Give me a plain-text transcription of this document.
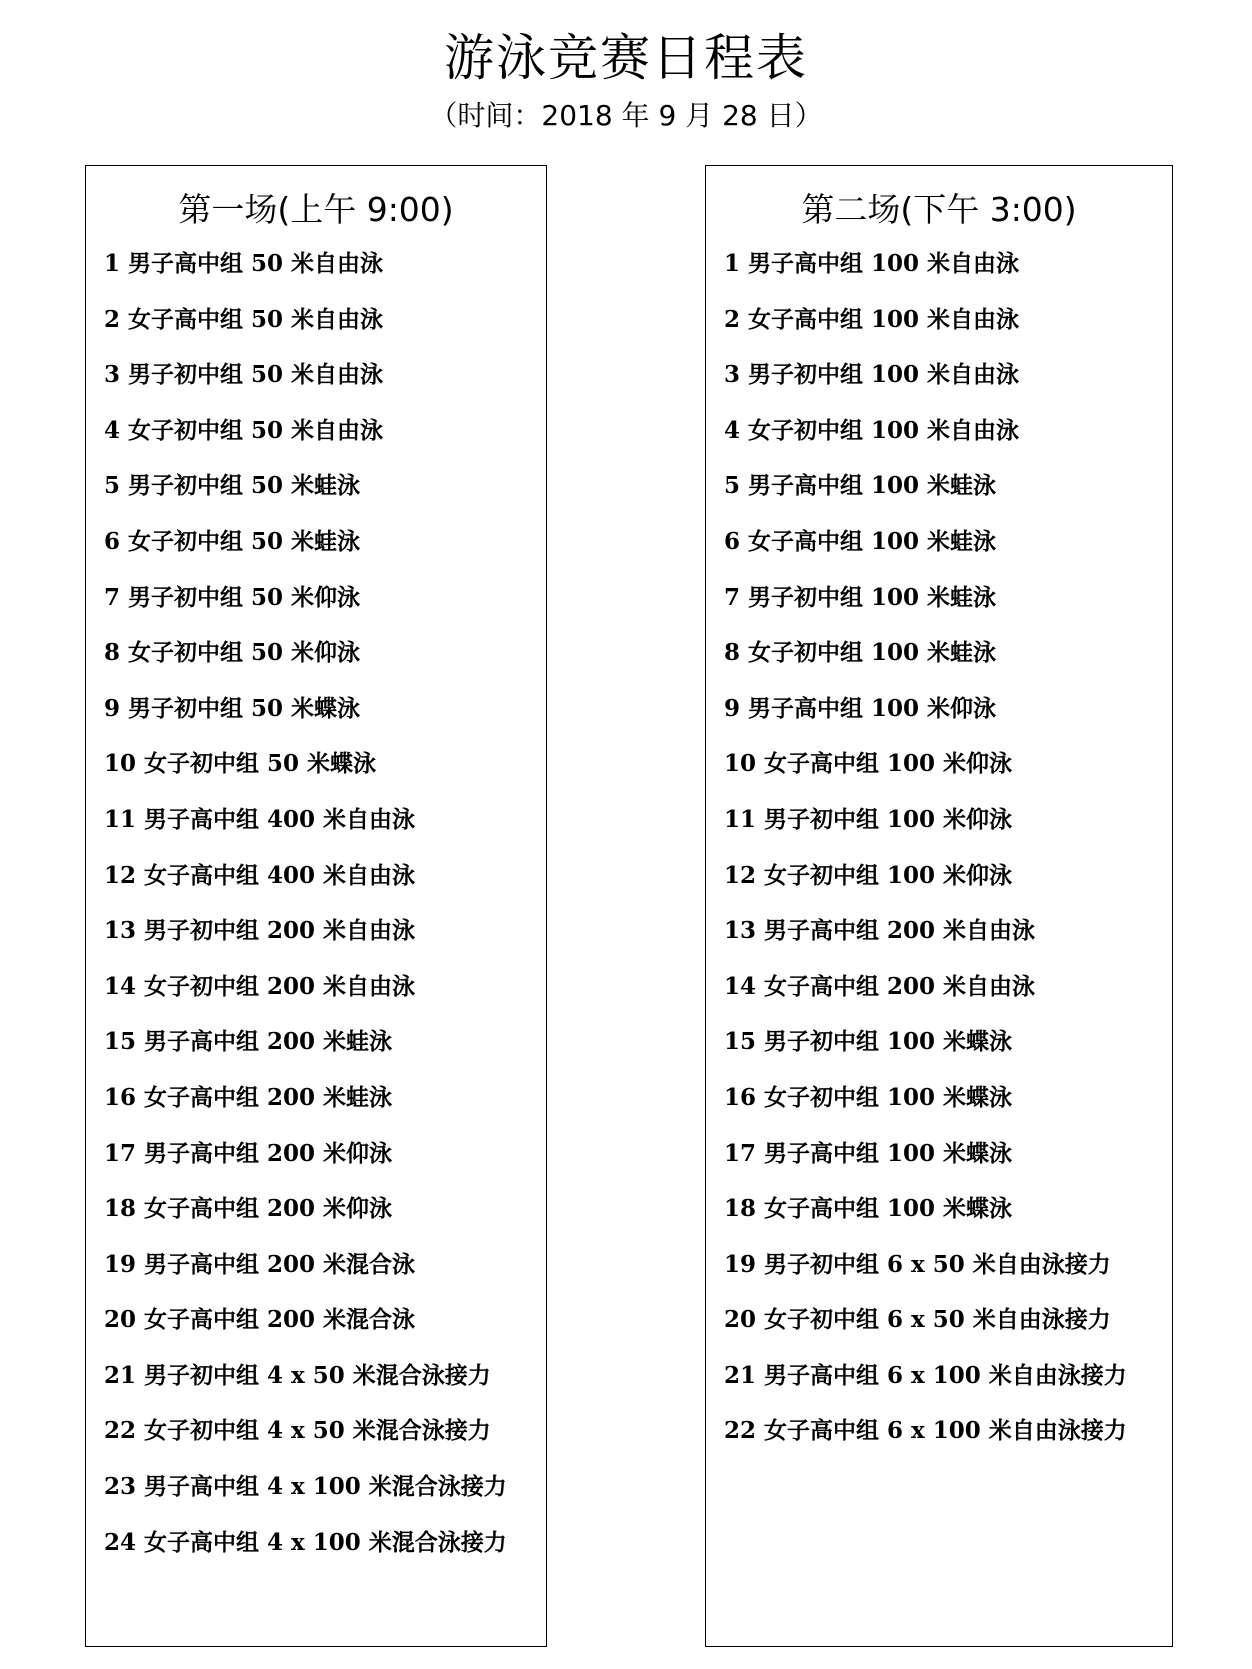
游泳竞赛日程表
（时间：2018 年 9 月 28 日）
第一场(上午 9:00)
1 男子高中组 50 米自由泳
2 女子高中组 50 米自由泳
3 男子初中组 50 米自由泳
4 女子初中组 50 米自由泳
5 男子初中组 50 米蛙泳
6 女子初中组 50 米蛙泳
7 男子初中组 50 米仰泳
8 女子初中组 50 米仰泳
9 男子初中组 50 米蝶泳
10 女子初中组 50 米蝶泳
11 男子高中组 400 米自由泳
12 女子高中组 400 米自由泳
13 男子初中组 200 米自由泳
14 女子初中组 200 米自由泳
15 男子高中组 200 米蛙泳
16 女子高中组 200 米蛙泳
17 男子高中组 200 米仰泳
18 女子高中组 200 米仰泳
19 男子高中组 200 米混合泳
20 女子高中组 200 米混合泳
21 男子初中组 4 x 50 米混合泳接力
22 女子初中组 4 x 50 米混合泳接力
23 男子高中组 4 x 100 米混合泳接力
24 女子高中组 4 x 100 米混合泳接力
第二场(下午 3:00)
1 男子高中组 100 米自由泳
2 女子高中组 100 米自由泳
3 男子初中组 100 米自由泳
4 女子初中组 100 米自由泳
5 男子高中组 100 米蛙泳
6 女子高中组 100 米蛙泳
7 男子初中组 100 米蛙泳
8 女子初中组 100 米蛙泳
9 男子高中组 100 米仰泳
10 女子高中组 100 米仰泳
11 男子初中组 100 米仰泳
12 女子初中组 100 米仰泳
13 男子高中组 200 米自由泳
14 女子高中组 200 米自由泳
15 男子初中组 100 米蝶泳
16 女子初中组 100 米蝶泳
17 男子高中组 100 米蝶泳
18 女子高中组 100 米蝶泳
19 男子初中组 6 x 50 米自由泳接力
20 女子初中组 6 x 50 米自由泳接力
21 男子高中组 6 x 100 米自由泳接力
22 女子高中组 6 x 100 米自由泳接力
